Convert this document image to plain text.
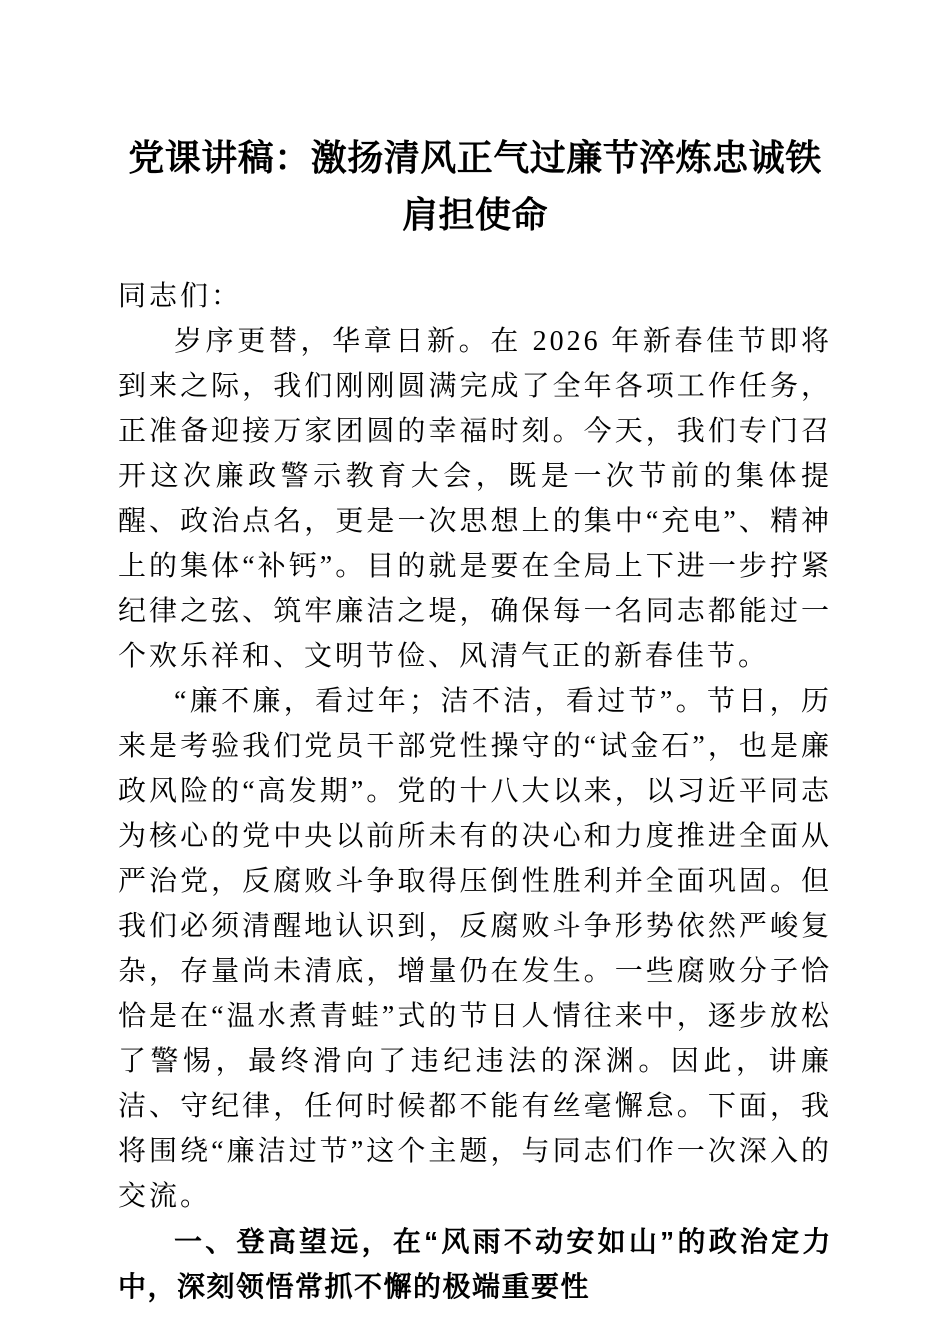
党课讲稿：激扬清风正气过廉节淬炼忠诚铁肩担使命

同志们：

岁序更替，华章日新。在 2026 年新春佳节即将到来之际，我们刚刚圆满完成了全年各项工作任务，正准备迎接万家团圆的幸福时刻。今天，我们专门召开这次廉政警示教育大会，既是一次节前的集体提醒、政治点名，更是一次思想上的集中“充电”、精神上的集体“补钙”。目的就是要在全局上下进一步拧紧纪律之弦、筑牢廉洁之堤，确保每一名同志都能过一个欢乐祥和、文明节俭、风清气正的新春佳节。

“廉不廉，看过年；洁不洁，看过节”。节日，历来是考验我们党员干部党性操守的“试金石”，也是廉政风险的“高发期”。党的十八大以来，以习近平同志为核心的党中央以前所未有的决心和力度推进全面从严治党，反腐败斗争取得压倒性胜利并全面巩固。但我们必须清醒地认识到，反腐败斗争形势依然严峻复杂，存量尚未清底，增量仍在发生。一些腐败分子恰恰是在“温水煮青蛙”式的节日人情往来中，逐步放松了警惕，最终滑向了违纪违法的深渊。因此，讲廉洁、守纪律，任何时候都不能有丝毫懈怠。下面，我将围绕“廉洁过节”这个主题，与同志们作一次深入的交流。

一、登高望远，在“风雨不动安如山”的政治定力中，深刻领悟常抓不懈的极端重要性
